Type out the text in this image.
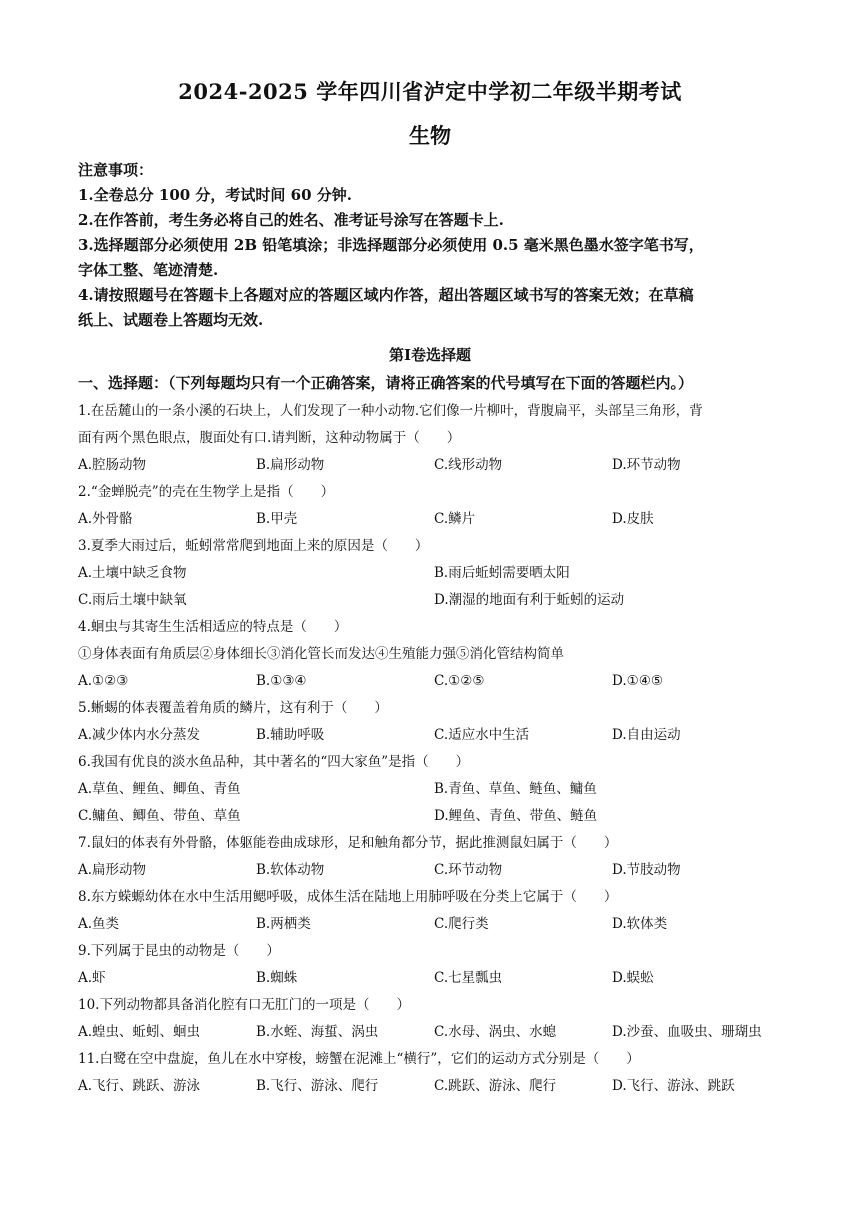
2024-2025 学年四川省泸定中学初二年级半期考试
生物
注意事项：
1.全卷总分 100 分，考试时间 60 分钟.
2.在作答前，考生务必将自己的姓名、准考证号涂写在答题卡上.
3.选择题部分必须使用 2B 铅笔填涂；非选择题部分必须使用 0.5 毫米黑色墨水签字笔书写，
字体工整、笔迹清楚.
4.请按照题号在答题卡上各题对应的答题区域内作答，超出答题区域书写的答案无效；在草稿
纸上、试题卷上答题均无效.
第Ⅰ卷选择题
一、选择题：（下列每题均只有一个正确答案，请将正确答案的代号填写在下面的答题栏内。）
1.在岳麓山的一条小溪的石块上，人们发现了一种小动物.它们像一片柳叶，背腹扁平，头部呈三角形，背
面有两个黑色眼点，腹面处有口.请判断，这种动物属于（　　）
A.腔肠动物	B.扁形动物	C.线形动物	D.环节动物
2.“金蝉脱壳”的壳在生物学上是指（　　）
A.外骨骼	B.甲壳	C.鳞片	D.皮肤
3.夏季大雨过后，蚯蚓常常爬到地面上来的原因是（　　）
A.土壤中缺乏食物	B.雨后蚯蚓需要晒太阳
C.雨后土壤中缺氧	D.潮湿的地面有利于蚯蚓的运动
4.蛔虫与其寄生生活相适应的特点是（　　）
①身体表面有角质层②身体细长③消化管长而发达④生殖能力强⑤消化管结构简单
A.①②③	B.①③④	C.①②⑤	D.①④⑤
5.蜥蜴的体表覆盖着角质的鳞片，这有利于（　　）
A.减少体内水分蒸发	B.辅助呼吸	C.适应水中生活	D.自由运动
6.我国有优良的淡水鱼品种，其中著名的“四大家鱼”是指（　　）
A.草鱼、鲤鱼、鲫鱼、青鱼	B.青鱼、草鱼、鲢鱼、鳙鱼
C.鳙鱼、鲫鱼、带鱼、草鱼	D.鲤鱼、青鱼、带鱼、鲢鱼
7.鼠妇的体表有外骨骼，体躯能卷曲成球形，足和触角都分节，据此推测鼠妇属于（　　）
A.扁形动物	B.软体动物	C.环节动物	D.节肢动物
8.东方蝾螈幼体在水中生活用鳃呼吸，成体生活在陆地上用肺呼吸在分类上它属于（　　）
A.鱼类	B.两栖类	C.爬行类	D.软体类
9.下列属于昆虫的动物是（　　）
A.虾	B.蜘蛛	C.七星瓢虫	D.蜈蚣
10.下列动物都具备消化腔有口无肛门的一项是（　　）
A.蝗虫、蚯蚓、蛔虫	B.水蛭、海蜇、涡虫	C.水母、涡虫、水螅	D.沙蚕、血吸虫、珊瑚虫
11.白鹭在空中盘旋，鱼儿在水中穿梭，螃蟹在泥滩上“横行”，它们的运动方式分别是（　　）
A.飞行、跳跃、游泳	B.飞行、游泳、爬行	C.跳跃、游泳、爬行	D.飞行、游泳、跳跃
